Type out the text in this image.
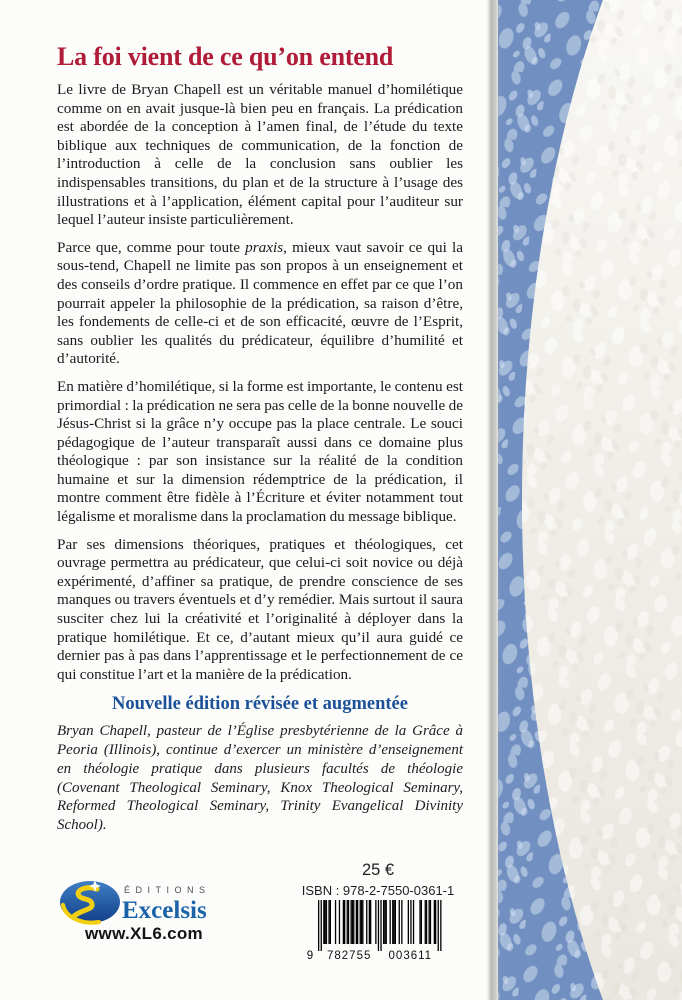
La foi vient de ce qu’on entend

Le livre de Bryan Chapell est un véritable manuel d’homilétique comme on en avait jusque-là bien peu en français. La prédication est abordée de la conception à l’amen final, de l’étude du texte biblique aux techniques de communication, de la fonction de l’introduction à celle de la conclusion sans oublier les indispensables transitions, du plan et de la structure à l’usage des illustrations et à l’application, élément capital pour l’auditeur sur lequel l’auteur insiste particulièrement.

Parce que, comme pour toute praxis, mieux vaut savoir ce qui la sous-tend, Chapell ne limite pas son propos à un enseignement et des conseils d’ordre pratique. Il commence en effet par ce que l’on pourrait appeler la philosophie de la prédication, sa raison d’être, les fondements de celle-ci et de son efficacité, œuvre de l’Esprit, sans oublier les qualités du prédicateur, équilibre d’humilité et d’autorité.

En matière d’homilétique, si la forme est importante, le contenu est primordial : la prédication ne sera pas celle de la bonne nouvelle de Jésus-Christ si la grâce n’y occupe pas la place centrale. Le souci pédagogique de l’auteur transparaît aussi dans ce domaine plus théologique : par son insistance sur la réalité de la condition humaine et sur la dimension rédemptrice de la prédication, il montre comment être fidèle à l’Écriture et éviter notamment tout légalisme et moralisme dans la proclamation du message biblique.

Par ses dimensions théoriques, pratiques et théologiques, cet ouvrage permettra au prédicateur, que celui-ci soit novice ou déjà expérimenté, d’affiner sa pratique, de prendre conscience de ses manques ou travers éventuels et d’y remédier. Mais surtout il saura susciter chez lui la créativité et l’originalité à déployer dans la pratique homilétique. Et ce, d’autant mieux qu’il aura guidé ce dernier pas à pas dans l’apprentissage et le perfectionnement de ce qui constitue l’art et la manière de la prédication.

Nouvelle édition révisée et augmentée

Bryan Chapell, pasteur de l’Église presbytérienne de la Grâce à Peoria (Illinois), continue d’exercer un ministère d’enseignement en théologie pratique dans plusieurs facultés de théologie (Covenant Theological Seminary, Knox Theological Seminary, Reformed Theological Seminary, Trinity Evangelical Divinity School).

25 €
ISBN : 978-2-7550-0361-1
9 782755 003611
ÉDITIONS
Excelsis
www.XL6.com
